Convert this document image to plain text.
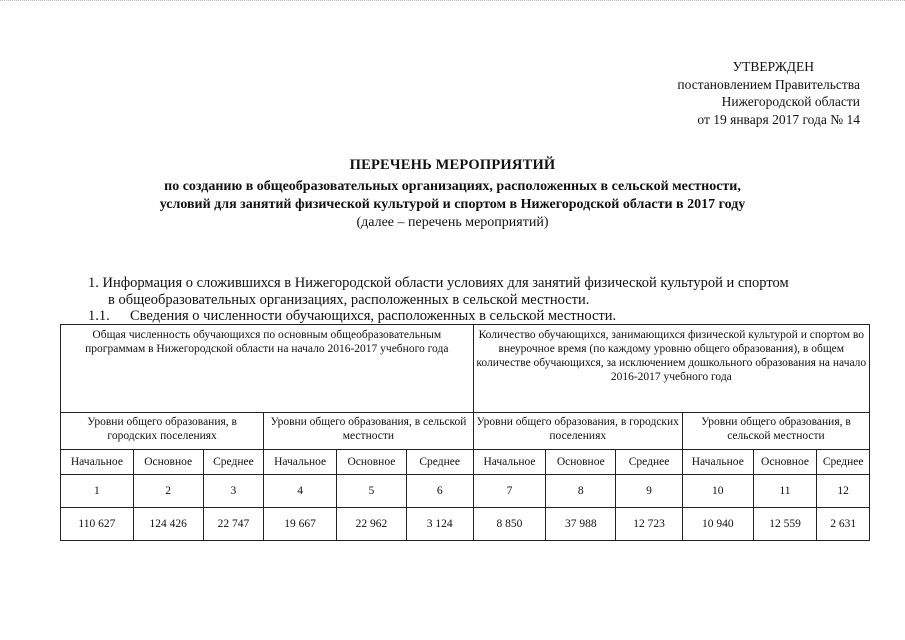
УТВЕРЖДЕН
постановлением Правительства
Нижегородской области
от 19 января 2017 года № 14
ПЕРЕЧЕНЬ МЕРОПРИЯТИЙ
по созданию в общеобразовательных организациях, расположенных в сельской местности,
условий для занятий физической культурой и спортом в Нижегородской области в 2017 году
(далее – перечень мероприятий)
1. Информация о сложившихся в Нижегородской области условиях для занятий физической культурой и спортом
в общеобразовательных организациях, расположенных в сельской местности.
1.1. Сведения о численности обучающихся, расположенных в сельской местности.
Общая численность обучающихся по основным общеобразовательным программам в Нижегородской области на начало 2016-2017 учебного года						Количество обучающихся, занимающихся физической культурой и спортом во внеурочное время (по каждому уровню общего образования), в общем количестве обучающихся, за исключением дошкольного образования на начало 2016-2017 учебного года					
Уровни общего образования, в городских поселениях			Уровни общего образования, в сельской местности			Уровни общего образования, в городских поселениях			Уровни общего образования, в сельской местности		
Начальное	Основное	Среднее	Начальное	Основное	Среднее	Начальное	Основное	Среднее	Начальное	Основное	Среднее
1	2	3	4	5	6	7	8	9	10	11	12
110 627	124 426	22 747	19 667	22 962	3 124	8 850	37 988	12 723	10 940	12 559	2 631
